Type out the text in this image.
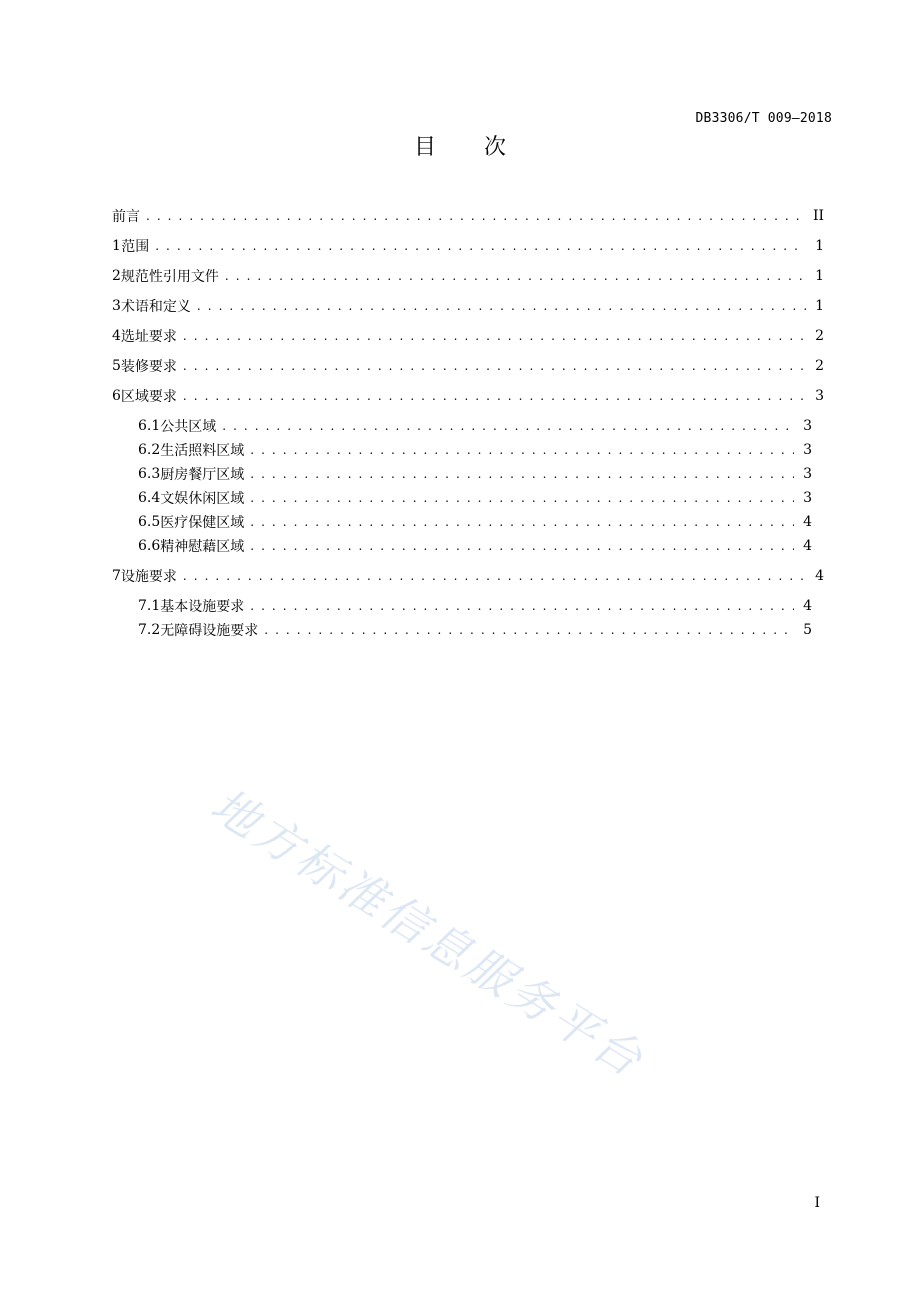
DB3306/T 009—2018
目次
前言 . . .	II
1 范围 . . .	1
2 规范性引用文件 . . .	1
3 术语和定义 . . .	1
4 选址要求 . . .	2
5 装修要求 . . .	2
6 区域要求 . . .	3
6.1 公共区域 . . .	3
6.2 生活照料区域 . . .	3
6.3 厨房餐厅区域 . . .	3
6.4 文娱休闲区域 . . .	3
6.5 医疗保健区域 . . .	4
6.6 精神慰藉区域 . . .	4
7 设施要求 . . .	4
7.1 基本设施要求 . . .	4
7.2 无障碍设施要求 . . .	5
地方标准信息服务平台
I
